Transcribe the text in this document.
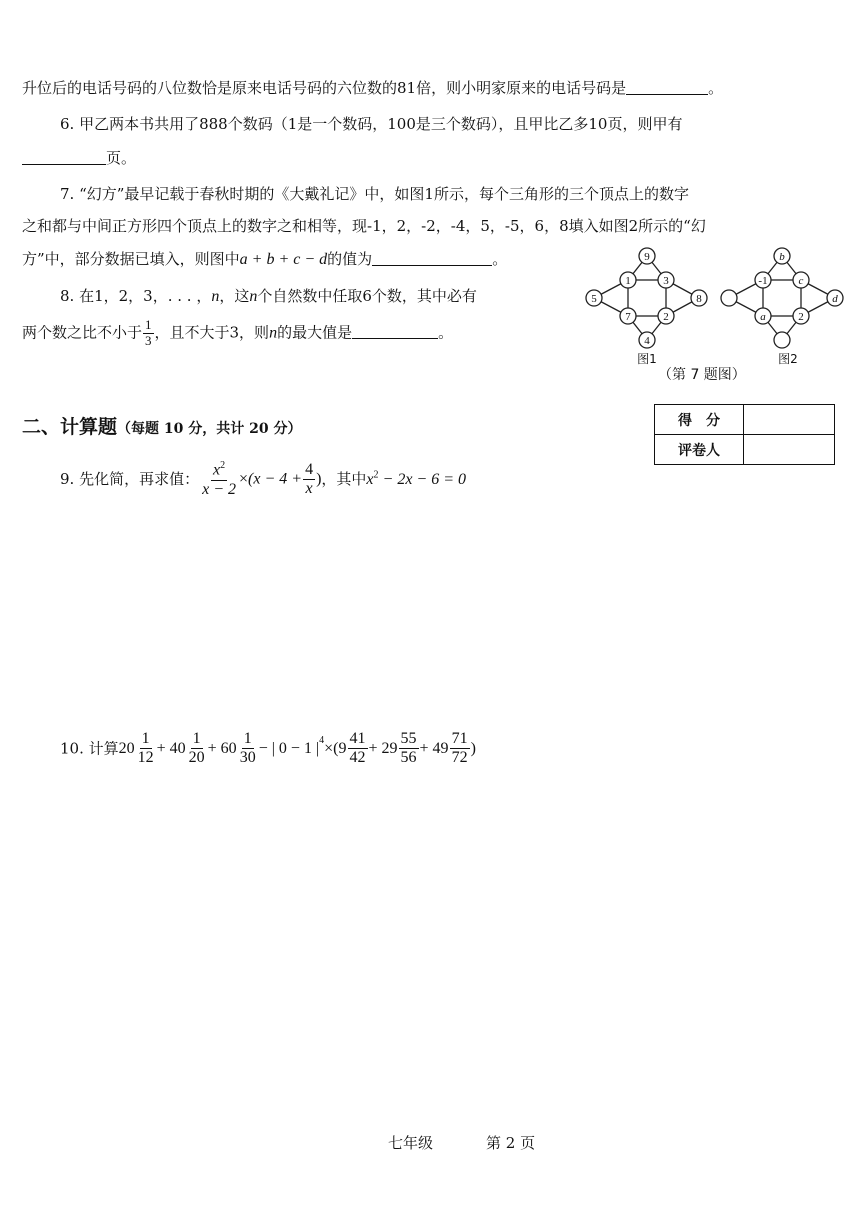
升位后的电话号码的八位数恰是原来电话号码的六位数的81倍，则小明家原来的电话号码是	。
6. 甲乙两本书共用了888个数码（1是一个数码，100是三个数码），且甲比乙多10页，则甲有
页。
7. “幻方”最早记载于春秋时期的《大戴礼记》中，如图1所示，每个三角形的三个顶点上的数字
之和都与中间正方形四个顶点上的数字之和相等，现-1，2，-2，-4，5，-5，6，8填入如图2所示的“幻
方”中，部分数据已填入，则图中a + b + c − d的值为	。
8. 在1，2，3，. . . ，n，这n个自然数中任取6个数，其中必有
两个数之比不小于 $\frac{1}{3}$ ，且不大于3，则n的最大值是	。
9
5	8
4
1	3
7	2
b
d
-1	c
a	2
图1	图2
（第 7 题图）
二、计算题（每题 10 分，共计 20 分）
得　分	
评卷人	
9. 先化简，再求值： $\frac{x^2}{x - 2} \times(x - 4 + \frac{4}{x}$ )，其中$x^2 - 2x - 6 = 0$
10. 计算$20 \frac{1}{12} + 40 \frac{1}{20} + 60 \frac{1}{30}$ − | 0 − 1 $|^4\times(9 \frac{41}{42} + 29 \frac{55}{56} + 49 \frac{71}{72}$ )
七年级	第 2 页
